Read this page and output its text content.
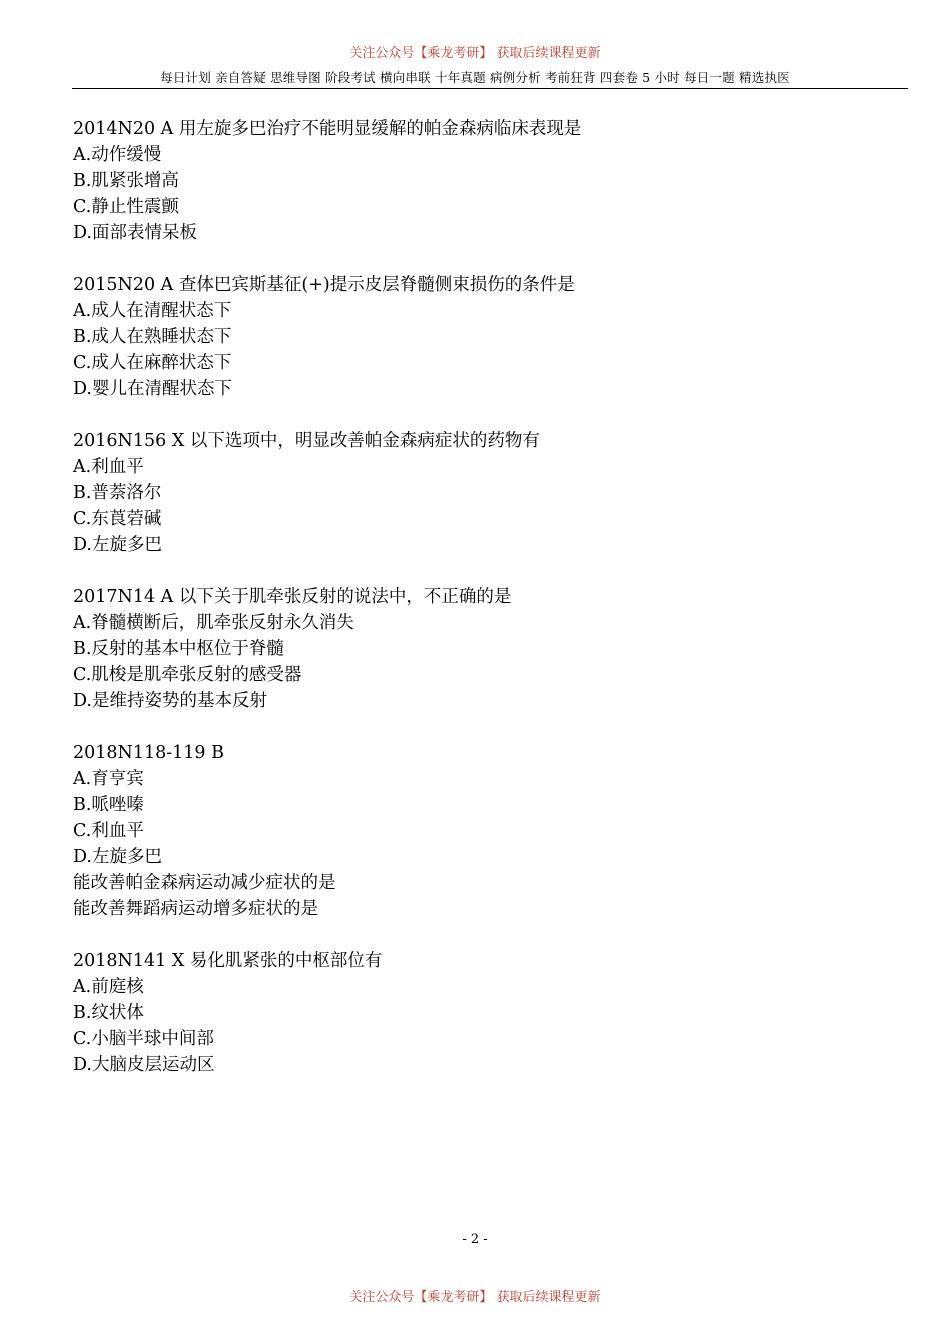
关注公众号【乘龙考研】 获取后续课程更新
每日计划 亲自答疑 思维导图 阶段考试 横向串联 十年真题 病例分析 考前狂背 四套卷 5 小时 每日一题 精选执医
2014N20 A 用左旋多巴治疗不能明显缓解的帕金森病临床表现是
A.动作缓慢
B.肌紧张增高
C.静止性震颤
D.面部表情呆板
2015N20 A 查体巴宾斯基征(+)提示皮层脊髓侧束损伤的条件是
A.成人在清醒状态下
B.成人在熟睡状态下
C.成人在麻醉状态下
D.婴儿在清醒状态下
2016N156 X 以下选项中，明显改善帕金森病症状的药物有
A.利血平
B.普萘洛尔
C.东莨菪碱
D.左旋多巴
2017N14 A 以下关于肌牵张反射的说法中，不正确的是
A.脊髓横断后，肌牵张反射永久消失
B.反射的基本中枢位于脊髓
C.肌梭是肌牵张反射的感受器
D.是维持姿势的基本反射
2018N118-119 B
A.育亨宾
B.哌唑嗪
C.利血平
D.左旋多巴
能改善帕金森病运动减少症状的是
能改善舞蹈病运动增多症状的是
2018N141 X 易化肌紧张的中枢部位有
A.前庭核
B.纹状体
C.小脑半球中间部
D.大脑皮层运动区
- 2 -
关注公众号【乘龙考研】 获取后续课程更新
